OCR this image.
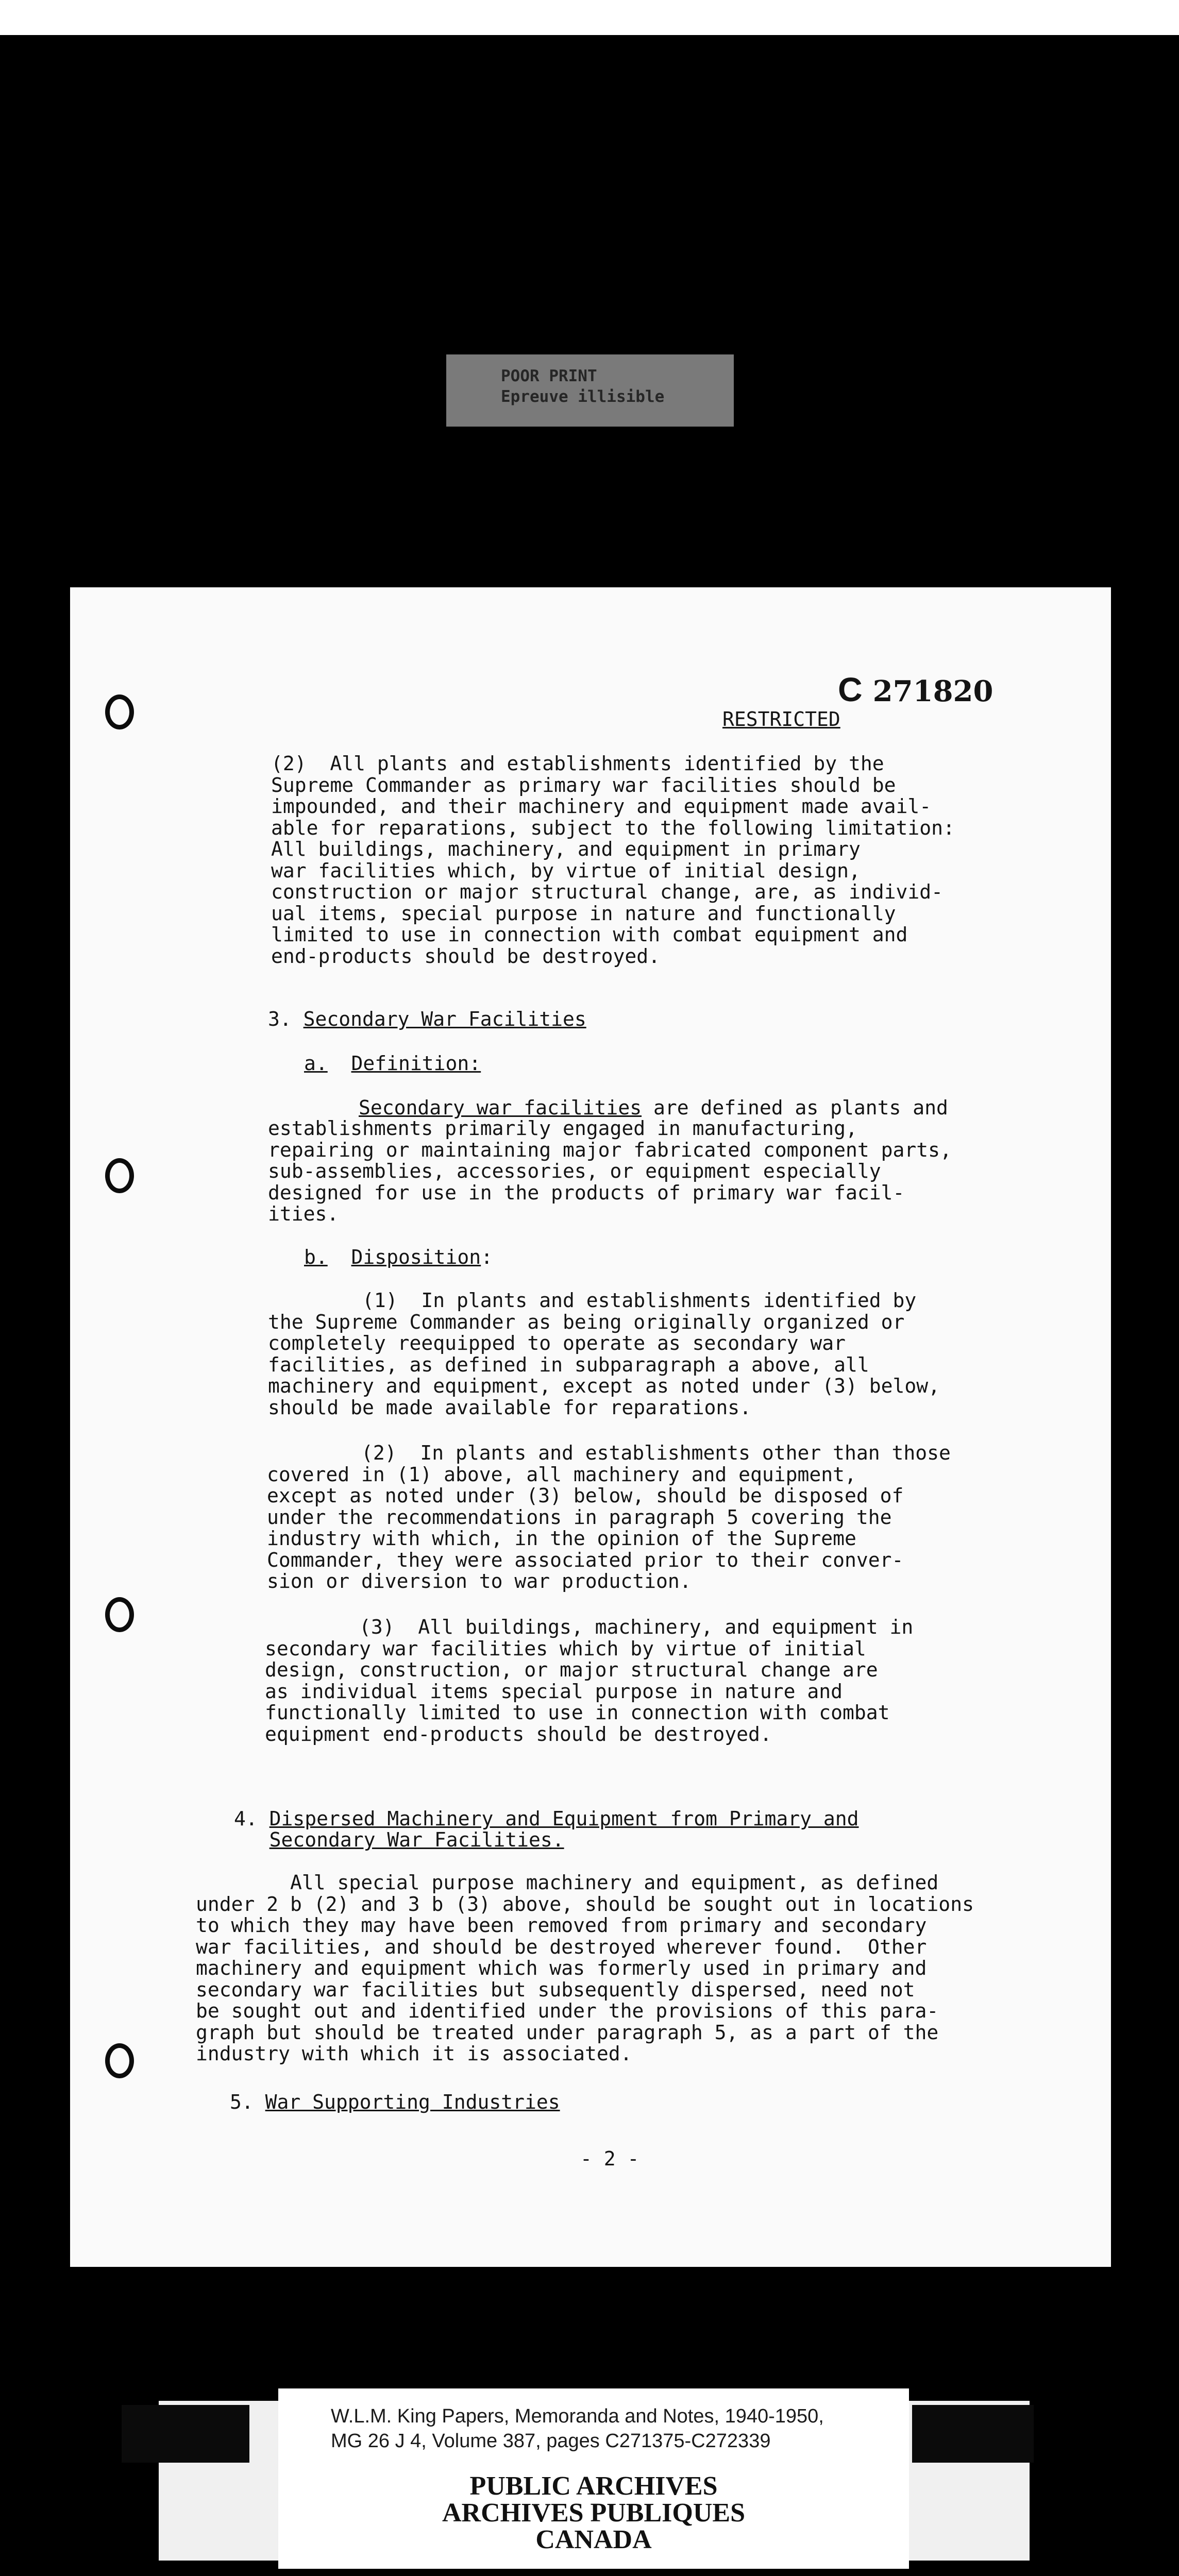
POOR PRINT
Epreuve illisible
C 271820
RESTRICTED
(2)  All plants and establishments identified by the
Supreme Commander as primary war facilities should be
impounded, and their machinery and equipment made avail-
able for reparations, subject to the following limitation:
All buildings, machinery, and equipment in primary
war facilities which, by virtue of initial design,
construction or major structural change, are, as individ-
ual items, special purpose in nature and functionally
limited to use in connection with combat equipment and
end-products should be destroyed.
3. Secondary War Facilities
a. Definition:
Secondary war facilities are defined as plants and
establishments primarily engaged in manufacturing,
repairing or maintaining major fabricated component parts,
sub-assemblies, accessories, or equipment especially
designed for use in the products of primary war facil-
ities.
b. Disposition:
(1)  In plants and establishments identified by
the Supreme Commander as being originally organized or
completely reequipped to operate as secondary war
facilities, as defined in subparagraph a above, all
machinery and equipment, except as noted under (3) below,
should be made available for reparations.
(2)  In plants and establishments other than those
covered in (1) above, all machinery and equipment,
except as noted under (3) below, should be disposed of
under the recommendations in paragraph 5 covering the
industry with which, in the opinion of the Supreme
Commander, they were associated prior to their conver-
sion or diversion to war production.
(3)  All buildings, machinery, and equipment in
secondary war facilities which by virtue of initial
design, construction, or major structural change are
as individual items special purpose in nature and
functionally limited to use in connection with combat
equipment end-products should be destroyed.
4. Dispersed Machinery and Equipment from Primary and
Secondary War Facilities.
All special purpose machinery and equipment, as defined
under 2 b (2) and 3 b (3) above, should be sought out in locations
to which they may have been removed from primary and secondary
war facilities, and should be destroyed wherever found.  Other
machinery and equipment which was formerly used in primary and
secondary war facilities but subsequently dispersed, need not
be sought out and identified under the provisions of this para-
graph but should be treated under paragraph 5, as a part of the
industry with which it is associated.
5. War Supporting Industries
- 2 -
W.L.M. King Papers, Memoranda and Notes, 1940-1950,
MG 26 J 4, Volume 387, pages C271375-C272339
PUBLIC ARCHIVES
ARCHIVES PUBLIQUES
CANADA
